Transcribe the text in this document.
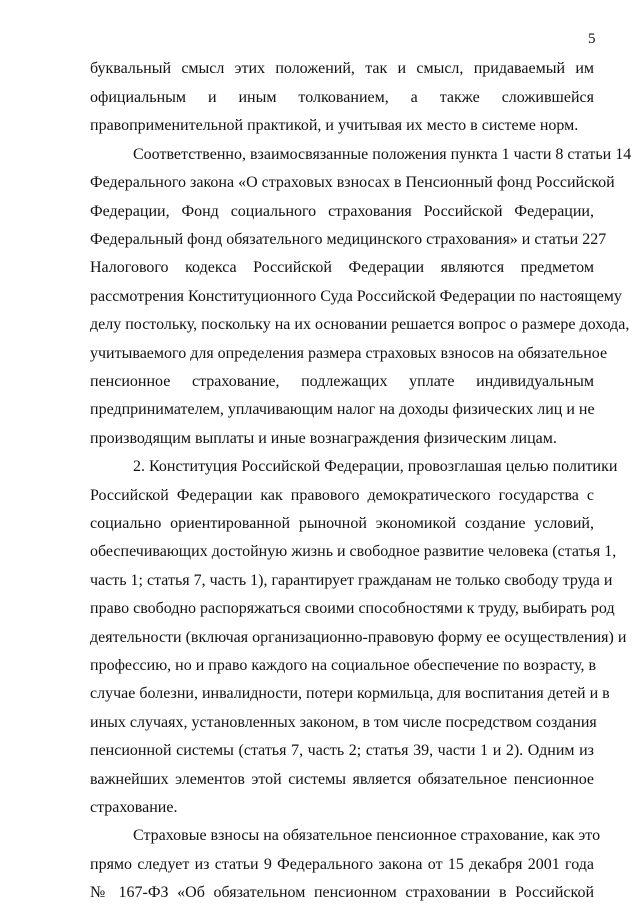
5
буквальный смысл этих положений, так и смысл, придаваемый им
официальным и иным толкованием, а также сложившейся
правоприменительной практикой, и учитывая их место в системе норм.
Соответственно, взаимосвязанные положения пункта 1 части 8 статьи 14
Федерального закона «О страховых взносах в Пенсионный фонд Российской
Федерации, Фонд социального страхования Российской Федерации,
Федеральный фонд обязательного медицинского страхования» и статьи 227
Налогового кодекса Российской Федерации являются предметом
рассмотрения Конституционного Суда Российской Федерации по настоящему
делу постольку, поскольку на их основании решается вопрос о размере дохода,
учитываемого для определения размера страховых взносов на обязательное
пенсионное страхование, подлежащих уплате индивидуальным
предпринимателем, уплачивающим налог на доходы физических лиц и не
производящим выплаты и иные вознаграждения физическим лицам.
2. Конституция Российской Федерации, провозглашая целью политики
Российской Федерации как правового демократического государства с
социально ориентированной рыночной экономикой создание условий,
обеспечивающих достойную жизнь и свободное развитие человека (статья 1,
часть 1; статья 7, часть 1), гарантирует гражданам не только свободу труда и
право свободно распоряжаться своими способностями к труду, выбирать род
деятельности (включая организационно-правовую форму ее осуществления) и
профессию, но и право каждого на социальное обеспечение по возрасту, в
случае болезни, инвалидности, потери кормильца, для воспитания детей и в
иных случаях, установленных законом, в том числе посредством создания
пенсионной системы (статья 7, часть 2; статья 39, части 1 и 2). Одним из
важнейших элементов этой системы является обязательное пенсионное
страхование.
Страховые взносы на обязательное пенсионное страхование, как это
прямо следует из статьи 9 Федерального закона от 15 декабря 2001 года
№ 167-ФЗ «Об обязательном пенсионном страховании в Российской
